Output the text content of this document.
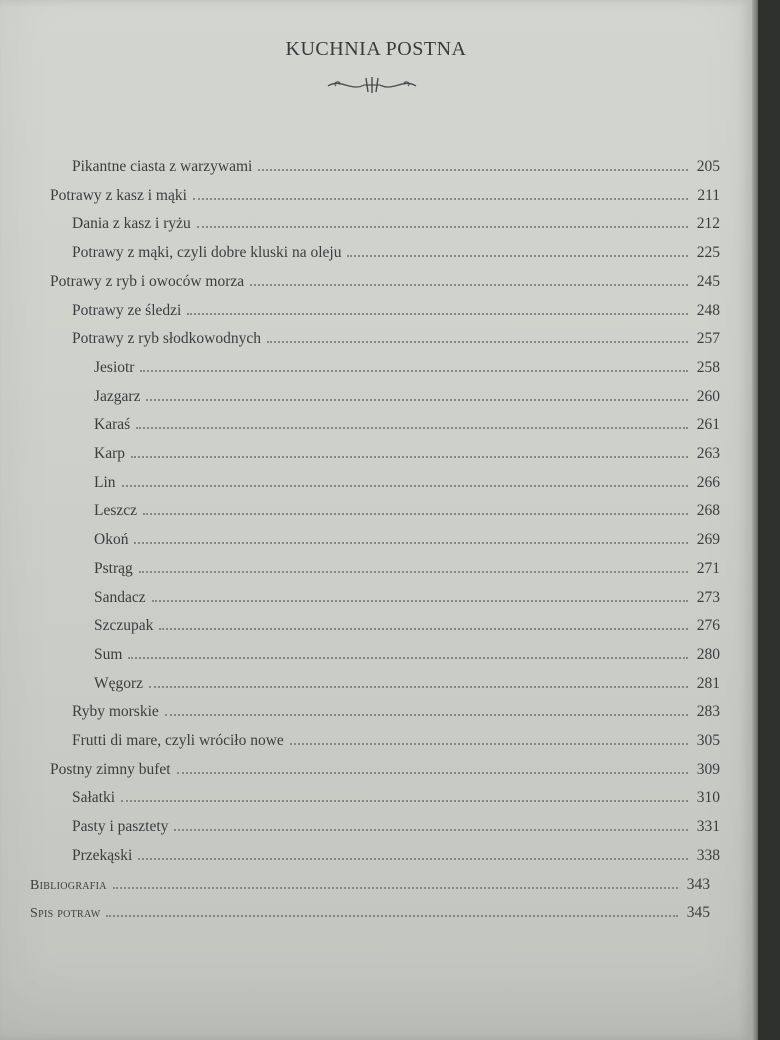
KUCHNIA POSTNA
Pikantne ciasta z warzywami	205
Potrawy z kasz i mąki	211
Dania z kasz i ryżu	212
Potrawy z mąki, czyli dobre kluski na oleju	225
Potrawy z ryb i owoców morza	245
Potrawy ze śledzi	248
Potrawy z ryb słodkowodnych	257
Jesiotr	258
Jazgarz	260
Karaś	261
Karp	263
Lin	266
Leszcz	268
Okoń	269
Pstrąg	271
Sandacz	273
Szczupak	276
Sum	280
Węgorz	281
Ryby morskie	283
Frutti di mare, czyli wróciło nowe	305
Postny zimny bufet	309
Sałatki	310
Pasty i pasztety	331
Przekąski	338
Bibliografia	343
Spis potraw	345
